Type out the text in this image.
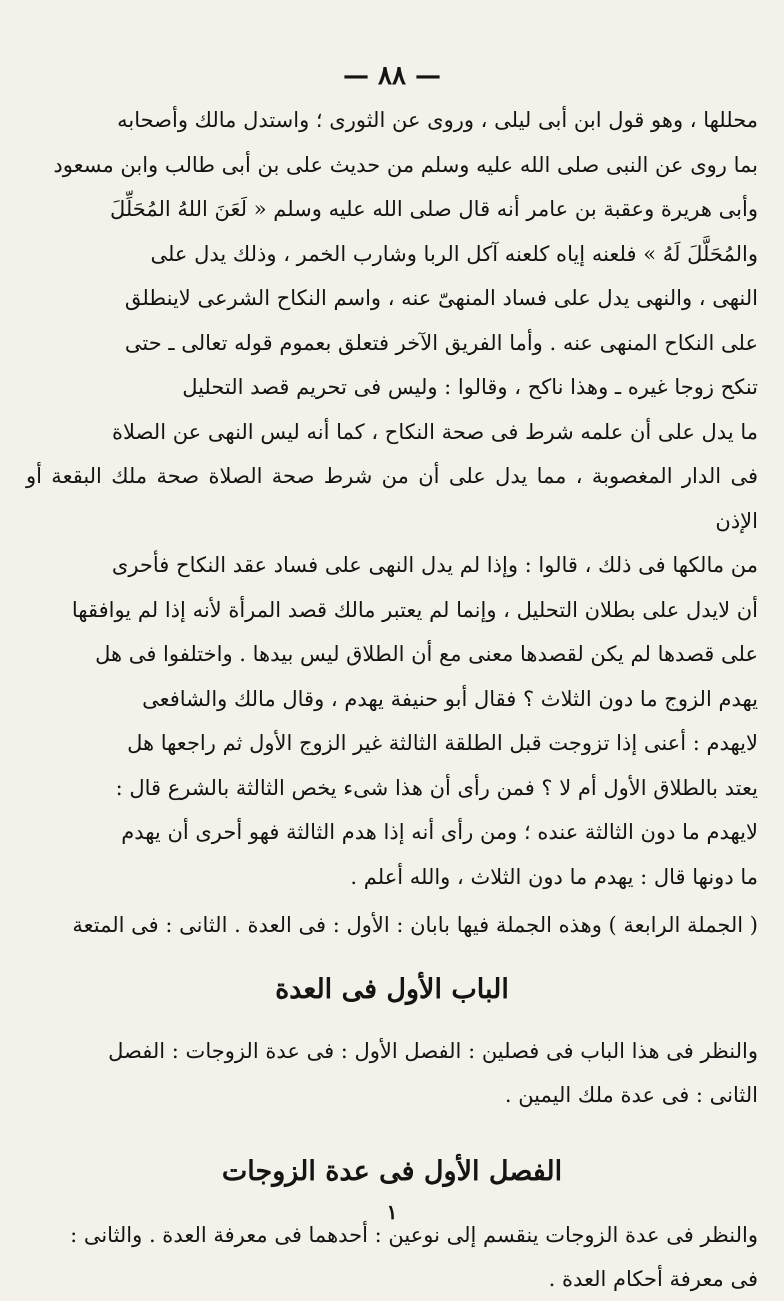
— ٨٨ —

محللها ، وهو قول ابن أبى ليلى ، وروى عن الثورى ؛ واستدل مالك وأصحابه

بما روى عن النبى صلى الله عليه وسلم من حديث على بن أبى طالب وابن مسعود

وأبى هريرة وعقبة بن عامر أنه قال صلى الله عليه وسلم « لَعَنَ اللهُ المُحَلِّلَ

والمُحَلَّلَ لَهُ » فلعنه إياه كلعنه آكل الربا وشارب الخمر ، وذلك يدل على

النهى ، والنهى يدل على فساد المنهىّ عنه ، واسم النكاح الشرعى لاينطلق

على النكاح المنهى عنه . وأما الفريق الآخر فتعلق بعموم قوله تعالى ـ حتى

تنكح زوجا غيره ـ وهذا ناكح ، وقالوا : وليس فى تحريم قصد التحليل

ما يدل على أن علمه شرط فى صحة النكاح ، كما أنه ليس النهى عن الصلاة

فى الدار المغصوبة ، مما يدل على أن من شرط صحة الصلاة صحة ملك البقعة أو الإذن

من مالكها فى ذلك ، قالوا : وإذا لم يدل النهى على فساد عقد النكاح فأحرى

أن لايدل على بطلان التحليل ، وإنما لم يعتبر مالك قصد المرأة لأنه إذا لم يوافقها

على قصدها لم يكن لقصدها معنى مع أن الطلاق ليس بيدها . واختلفوا فى هل

يهدم الزوج ما دون الثلاث ؟ فقال أبو حنيفة يهدم ، وقال مالك والشافعى

لايهدم : أعنى إذا تزوجت قبل الطلقة الثالثة غير الزوج الأول ثم راجعها هل

يعتد بالطلاق الأول أم لا ؟ فمن رأى أن هذا شىء يخص الثالثة بالشرع قال :

لايهدم ما دون الثالثة عنده ؛ ومن رأى أنه إذا هدم الثالثة فهو أحرى أن يهدم

ما دونها قال : يهدم ما دون الثلاث ، والله أعلم .

( الجملة الرابعة ) وهذه الجملة فيها بابان : الأول : فى العدة . الثانى : فى المتعة
الباب الأول فى العدة

والنظر فى هذا الباب فى فصلين : الفصل الأول : فى عدة الزوجات : الفصل

الثانى : فى عدة ملك اليمين .

الفصل الأول فى عدة الزوجات

والنظر فى عدة الزوجات ينقسم إلى نوعين : أحدهما فى معرفة العدة . والثانى :

فى معرفة أحكام العدة .

١
